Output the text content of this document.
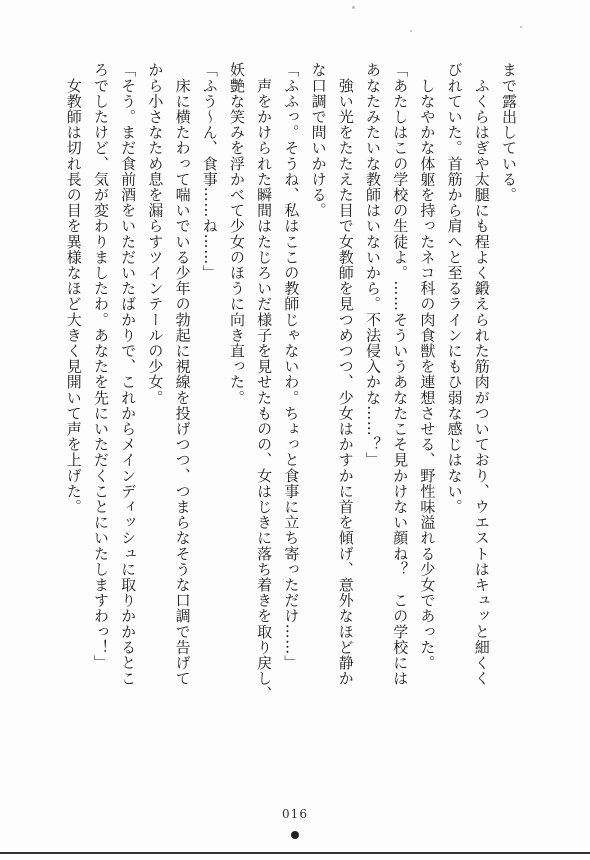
まで露出している。
　ふくらはぎや太腿にも程よく鍛えられた筋肉がついており、ウエストはキュッと細くく
びれていた。首筋から肩へと至るラインにもひ弱な感じはない。
　しなやかな体躯を持ったネコ科の肉食獣を連想させる、野性味溢れる少女であった。
「あたしはこの学校の生徒よ。……そういうあなたこそ見かけない顔ね？　この学校には
あなたみたいな教師はいないから。不法侵入かな……？」
　強い光をたたえた目で女教師を見つめつつ、少女はかすかに首を傾げ、意外なほど静か
な口調で問いかける。
「ふふっ。そうね、私はここの教師じゃないわ。ちょっと食事に立ち寄っただけ……」
　声をかけられた瞬間はたじろいだ様子を見せたものの、女はじきに落ち着きを取り戻し、
妖艶な笑みを浮かべて少女のほうに向き直った。
「ふう〜ん、食事……ね……」
　床に横たわって喘いでいる少年の勃起に視線を投げつつ、つまらなそうな口調で告げて
から小さなため息を漏らすツインテールの少女。
「そう。まだ食前酒をいただいたばかりで、これからメインディッシュに取りかかるとこ
ろでしたけど、気が変わりましたわ。あなたを先にいただくことにいたしますわっ！」
　女教師は切れ長の目を異様なほど大きく見開いて声を上げた。
016
